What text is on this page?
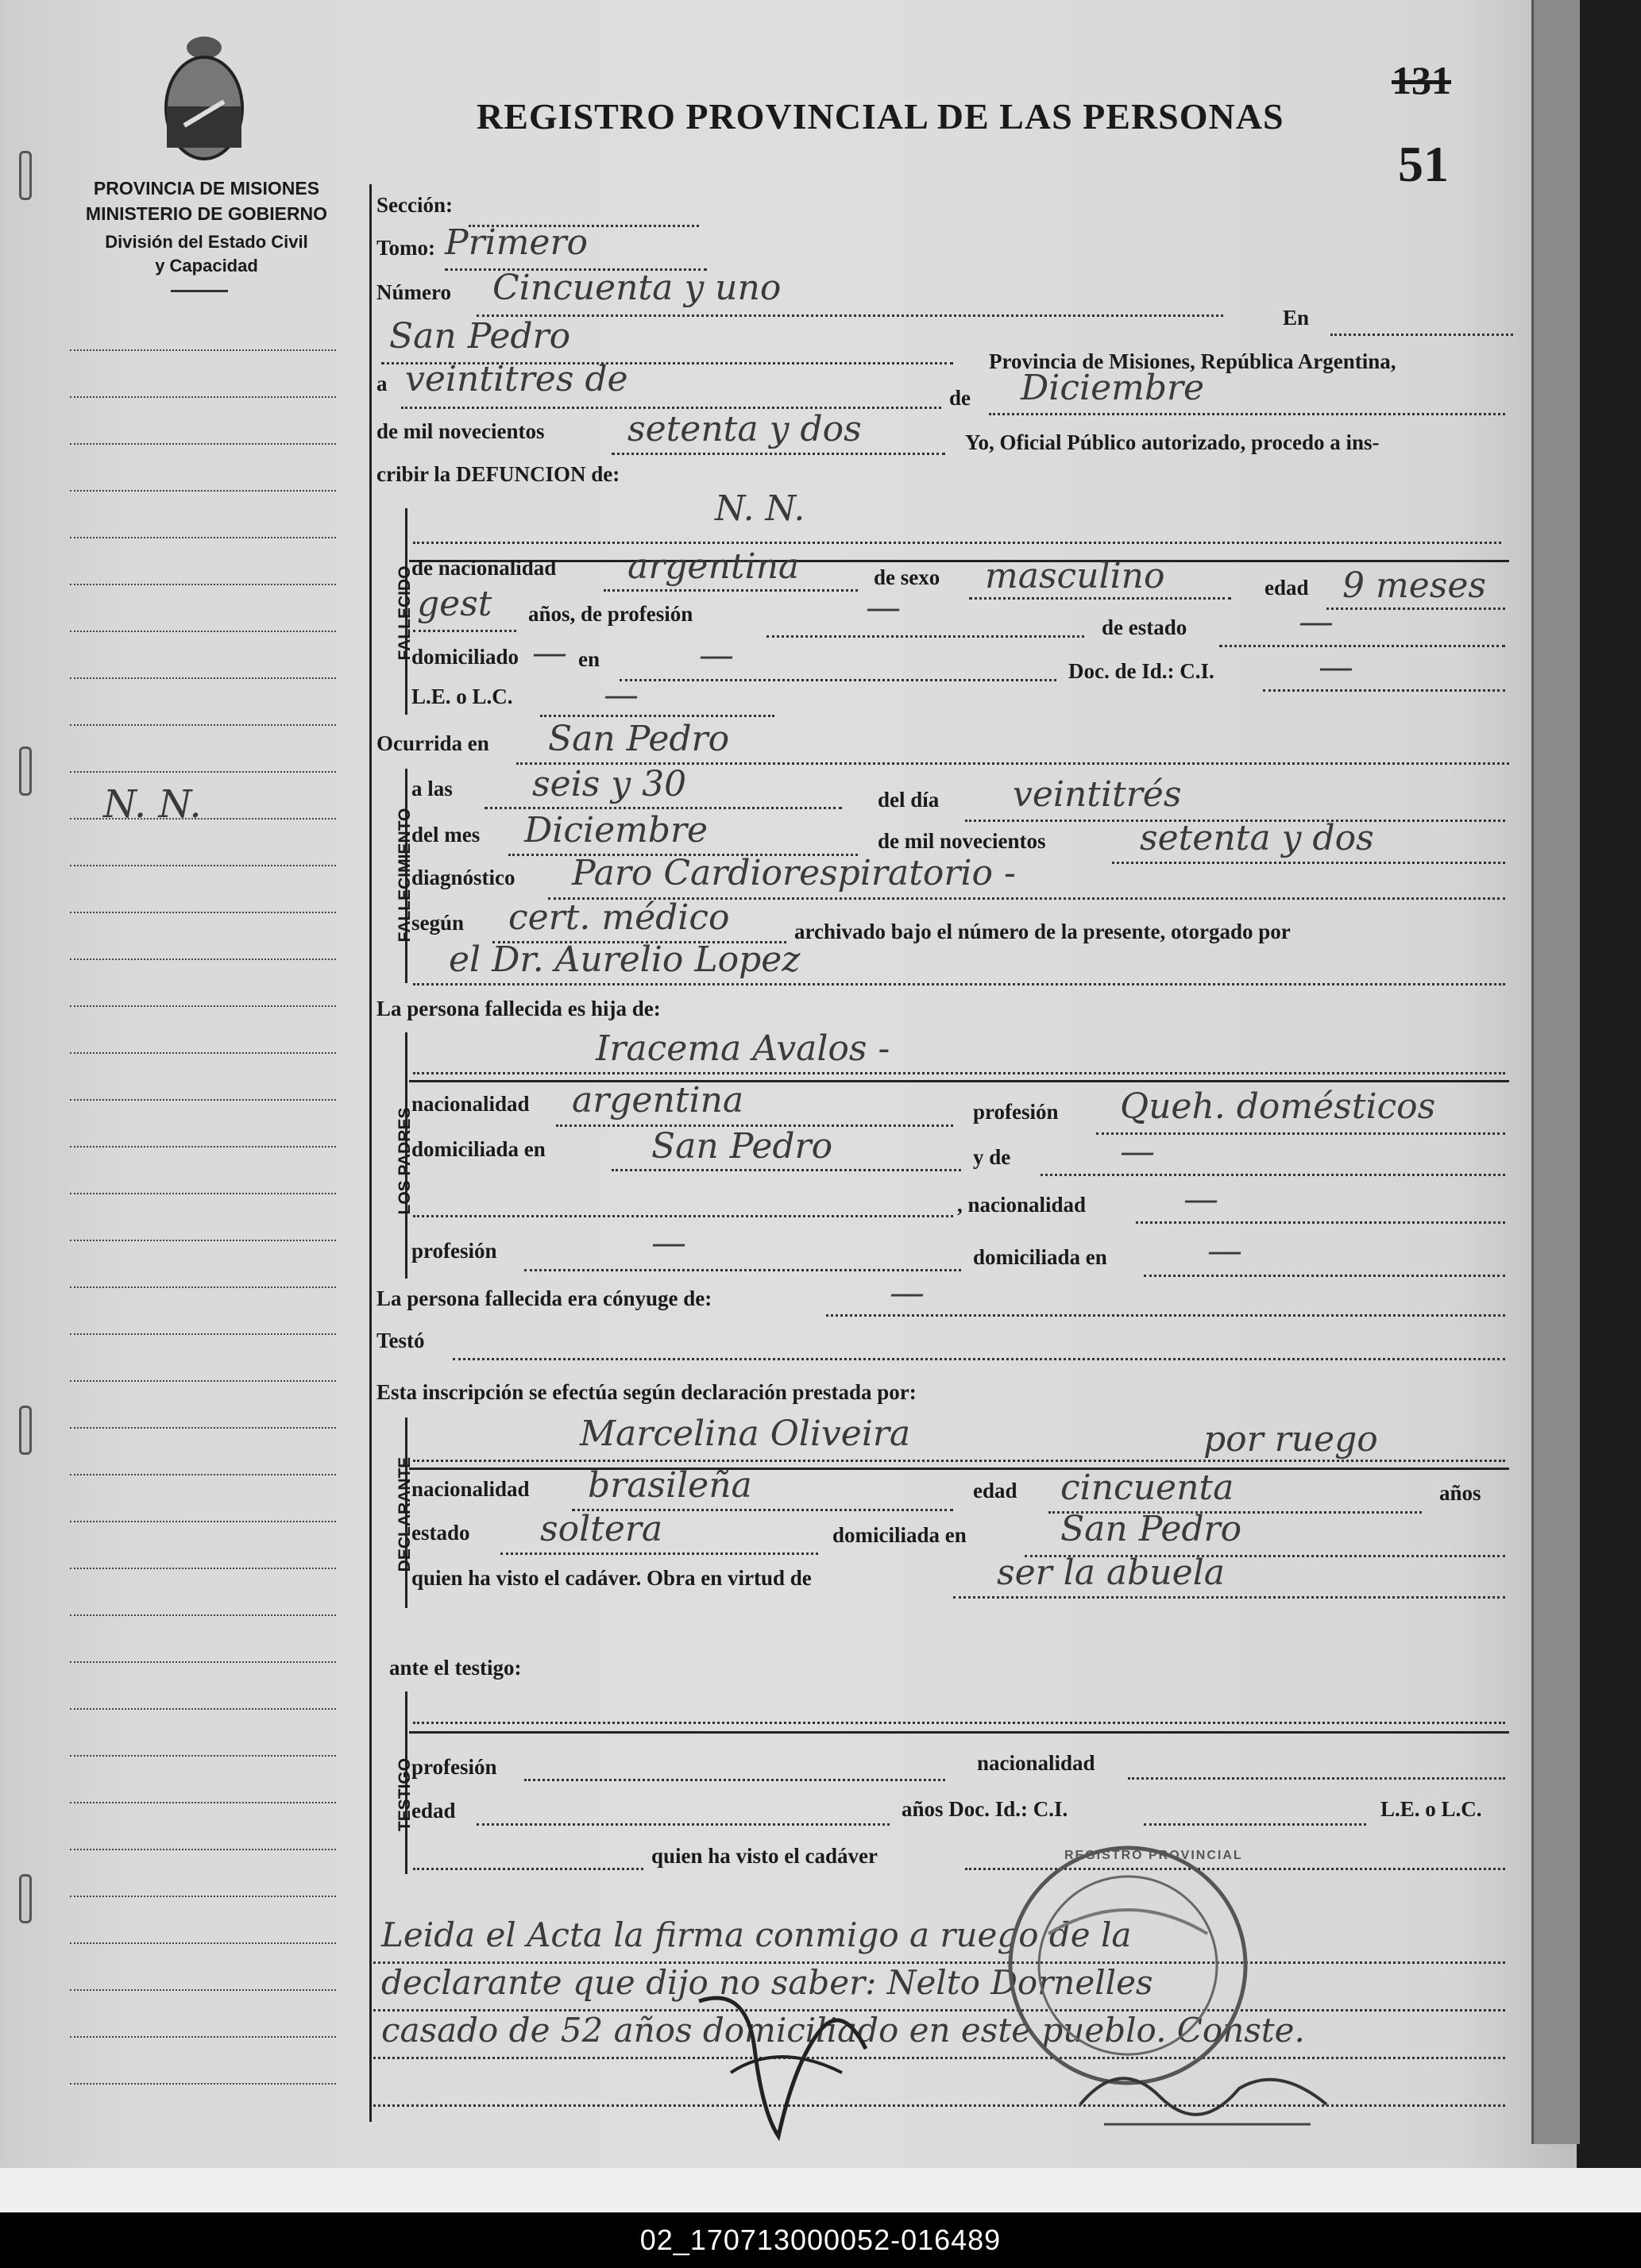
02_170713000052-016489
PROVINCIA DE MISIONES
MINISTERIO DE GOBIERNO
División del Estado Civil
y Capacidad
REGISTRO PROVINCIAL DE LAS PERSONAS
131
51
N. N.
Sección:
Tomo: Primero
Número Cincuenta y uno
En
San Pedro
Provincia de Misiones, República Argentina,
a veintitres de	de Diciembre
de mil novecientos setenta y dos	Yo, Oficial Público autorizado, procedo a ins-
cribir la DEFUNCION de:
FALLECIDO
N. N.
de nacionalidad argentina	de sexo masculino	edad 9 meses
gest años, de profesión	—	de estado	—
domiciliado — en	—	Doc. de Id.: C.I.	—
L.E. o L.C.	—
Ocurrida en San Pedro
FALLECIMIENTO
a las seis y 30	del día veintitrés
del mes Diciembre	de mil novecientos	setenta y dos
diagnóstico Paro Cardiorespiratorio -
según cert. médico	archivado bajo el número de la presente, otorgado por
el Dr. Aurelio Lopez
La persona fallecida es hija de:
LOS PADRES
Iracema Avalos -
nacionalidad argentina	profesión Queh. domésticos
domiciliada en	San Pedro	y de	—
, nacionalidad	—
profesión	—	domiciliada en	—
La persona fallecida era cónyuge de:	—
Testó
Esta inscripción se efectúa según declaración prestada por:
DECLARANTE
Marcelina Oliveira	por ruego
nacionalidad brasileña	edad cincuenta	años
estado soltera	domiciliada en	San Pedro
quien ha visto el cadáver. Obra en virtud de	ser la abuela
ante el testigo:
TESTIGO
profesión	nacionalidad
edad	años Doc. Id.: C.I.	L.E. o L.C.
quien ha visto el cadáver
Leida el Acta la firma conmigo a ruego de la
declarante que dijo no saber: Nelto Dornelles
casado de 52 años domiciliado en este pueblo. Conste.
REGISTRO PROVINCIAL
